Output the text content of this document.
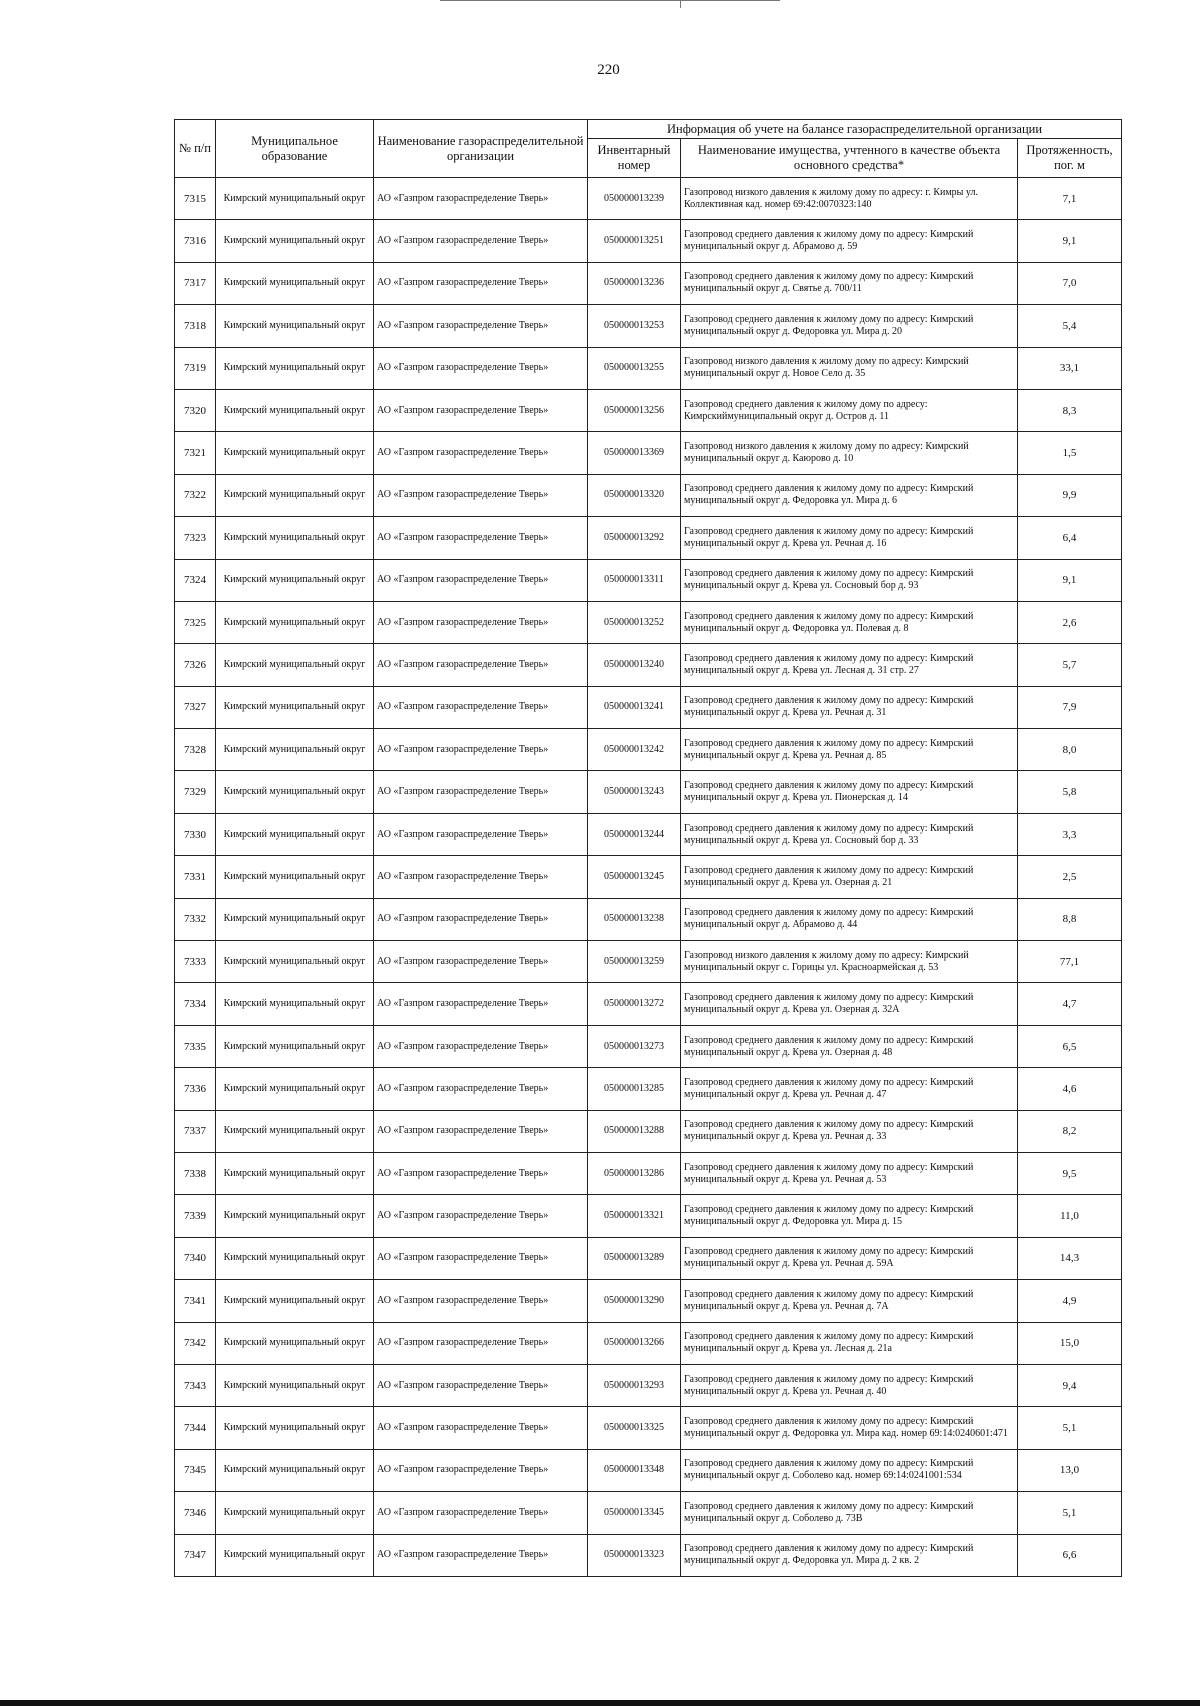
220
№ п/п	Муниципальное образование	Наименование газораспределительной организации	Информация об учете на балансе газораспределительной организации		
			Инвентарный номер	Наименование имущества, учтенного в качестве объекта основного средства*	Протяженность, пог. м
7315	Кимрский муниципальный округ	АО «Газпром газораспределение Тверь»	050000013239	Газопровод низкого давления к жилому дому по адресу: г. Кимры ул. Коллективная кад. номер 69:42:0070323:140	7,1
7316	Кимрский муниципальный округ	АО «Газпром газораспределение Тверь»	050000013251	Газопровод среднего давления к жилому дому по адресу: Кимрский муниципальный округ д. Абрамово д. 59	9,1
7317	Кимрский муниципальный округ	АО «Газпром газораспределение Тверь»	050000013236	Газопровод среднего давления к жилому дому по адресу: Кимрский муниципальный округ д. Святье д. 700/11	7,0
7318	Кимрский муниципальный округ	АО «Газпром газораспределение Тверь»	050000013253	Газопровод среднего давления к жилому дому по адресу: Кимрский муниципальный округ д. Федоровка ул. Мира д. 20	5,4
7319	Кимрский муниципальный округ	АО «Газпром газораспределение Тверь»	050000013255	Газопровод низкого давления к жилому дому по адресу: Кимрский муниципальный округ д. Новое Село д. 35	33,1
7320	Кимрский муниципальный округ	АО «Газпром газораспределение Тверь»	050000013256	Газопровод среднего давления к жилому дому по адресу: Кимрскиймуниципальный округ д. Остров д. 11	8,3
7321	Кимрский муниципальный округ	АО «Газпром газораспределение Тверь»	050000013369	Газопровод низкого давления к жилому дому по адресу: Кимрский муниципальный округ д. Каюрово д. 10	1,5
7322	Кимрский муниципальный округ	АО «Газпром газораспределение Тверь»	050000013320	Газопровод среднего давления к жилому дому по адресу: Кимрский муниципальный округ д. Федоровка ул. Мира д. 6	9,9
7323	Кимрский муниципальный округ	АО «Газпром газораспределение Тверь»	050000013292	Газопровод среднего давления к жилому дому по адресу: Кимрский муниципальный округ д. Крева ул. Речная д. 16	6,4
7324	Кимрский муниципальный округ	АО «Газпром газораспределение Тверь»	050000013311	Газопровод среднего давления к жилому дому по адресу: Кимрский муниципальный округ д. Крева ул. Сосновый бор д. 93	9,1
7325	Кимрский муниципальный округ	АО «Газпром газораспределение Тверь»	050000013252	Газопровод среднего давления к жилому дому по адресу: Кимрский муниципальный округ д. Федоровка ул. Полевая д. 8	2,6
7326	Кимрский муниципальный округ	АО «Газпром газораспределение Тверь»	050000013240	Газопровод среднего давления к жилому дому по адресу: Кимрский муниципальный округ д. Крева ул. Лесная д. 31 стр. 27	5,7
7327	Кимрский муниципальный округ	АО «Газпром газораспределение Тверь»	050000013241	Газопровод среднего давления к жилому дому по адресу: Кимрский муниципальный округ д. Крева ул. Речная д. 31	7,9
7328	Кимрский муниципальный округ	АО «Газпром газораспределение Тверь»	050000013242	Газопровод среднего давления к жилому дому по адресу: Кимрский муниципальный округ д. Крева ул. Речная д. 85	8,0
7329	Кимрский муниципальный округ	АО «Газпром газораспределение Тверь»	050000013243	Газопровод среднего давления к жилому дому по адресу: Кимрский муниципальный округ д. Крева ул. Пионерская д. 14	5,8
7330	Кимрский муниципальный округ	АО «Газпром газораспределение Тверь»	050000013244	Газопровод среднего давления к жилому дому по адресу: Кимрский муниципальный округ д. Крева ул. Сосновый бор д. 33	3,3
7331	Кимрский муниципальный округ	АО «Газпром газораспределение Тверь»	050000013245	Газопровод среднего давления к жилому дому по адресу: Кимрский муниципальный округ д. Крева ул. Озерная д. 21	2,5
7332	Кимрский муниципальный округ	АО «Газпром газораспределение Тверь»	050000013238	Газопровод среднего давления к жилому дому по адресу: Кимрский муниципальный округ д. Абрамово д. 44	8,8
7333	Кимрский муниципальный округ	АО «Газпром газораспределение Тверь»	050000013259	Газопровод низкого давления к жилому дому по адресу: Кимрский муниципальный округ с. Горицы ул. Красноармейская д. 53	77,1
7334	Кимрский муниципальный округ	АО «Газпром газораспределение Тверь»	050000013272	Газопровод среднего давления к жилому дому по адресу: Кимрский муниципальный округ д. Крева ул. Озерная д. 32А	4,7
7335	Кимрский муниципальный округ	АО «Газпром газораспределение Тверь»	050000013273	Газопровод среднего давления к жилому дому по адресу: Кимрский муниципальный округ д. Крева ул. Озерная д. 48	6,5
7336	Кимрский муниципальный округ	АО «Газпром газораспределение Тверь»	050000013285	Газопровод среднего давления к жилому дому по адресу: Кимрский муниципальный округ д. Крева ул. Речная д. 47	4,6
7337	Кимрский муниципальный округ	АО «Газпром газораспределение Тверь»	050000013288	Газопровод среднего давления к жилому дому по адресу: Кимрский муниципальный округ д. Крева ул. Речная д. 33	8,2
7338	Кимрский муниципальный округ	АО «Газпром газораспределение Тверь»	050000013286	Газопровод среднего давления к жилому дому по адресу: Кимрский муниципальный округ д. Крева ул. Речная д. 53	9,5
7339	Кимрский муниципальный округ	АО «Газпром газораспределение Тверь»	050000013321	Газопровод среднего давления к жилому дому по адресу: Кимрский муниципальный округ д. Федоровка ул. Мира д. 15	11,0
7340	Кимрский муниципальный округ	АО «Газпром газораспределение Тверь»	050000013289	Газопровод среднего давления к жилому дому по адресу: Кимрский муниципальный округ д. Крева ул. Речная д. 59А	14,3
7341	Кимрский муниципальный округ	АО «Газпром газораспределение Тверь»	050000013290	Газопровод среднего давления к жилому дому по адресу: Кимрский муниципальный округ д. Крева ул. Речная д. 7А	4,9
7342	Кимрский муниципальный округ	АО «Газпром газораспределение Тверь»	050000013266	Газопровод среднего давления к жилому дому по адресу: Кимрский муниципальный округ д. Крева ул. Лесная д. 21а	15,0
7343	Кимрский муниципальный округ	АО «Газпром газораспределение Тверь»	050000013293	Газопровод среднего давления к жилому дому по адресу: Кимрский муниципальный округ д. Крева ул. Речная д. 40	9,4
7344	Кимрский муниципальный округ	АО «Газпром газораспределение Тверь»	050000013325	Газопровод среднего давления к жилому дому по адресу: Кимрский муниципальный округ д. Федоровка ул. Мира кад. номер 69:14:0240601:471	5,1
7345	Кимрский муниципальный округ	АО «Газпром газораспределение Тверь»	050000013348	Газопровод среднего давления к жилому дому по адресу: Кимрский муниципальный округ д. Соболево кад. номер 69:14:0241001:534	13,0
7346	Кимрский муниципальный округ	АО «Газпром газораспределение Тверь»	050000013345	Газопровод среднего давления к жилому дому по адресу: Кимрский муниципальный округ д. Соболево д. 73В	5,1
7347	Кимрский муниципальный округ	АО «Газпром газораспределение Тверь»	050000013323	Газопровод среднего давления к жилому дому по адресу: Кимрский муниципальный округ д. Федоровка ул. Мира д. 2 кв. 2	6,6
